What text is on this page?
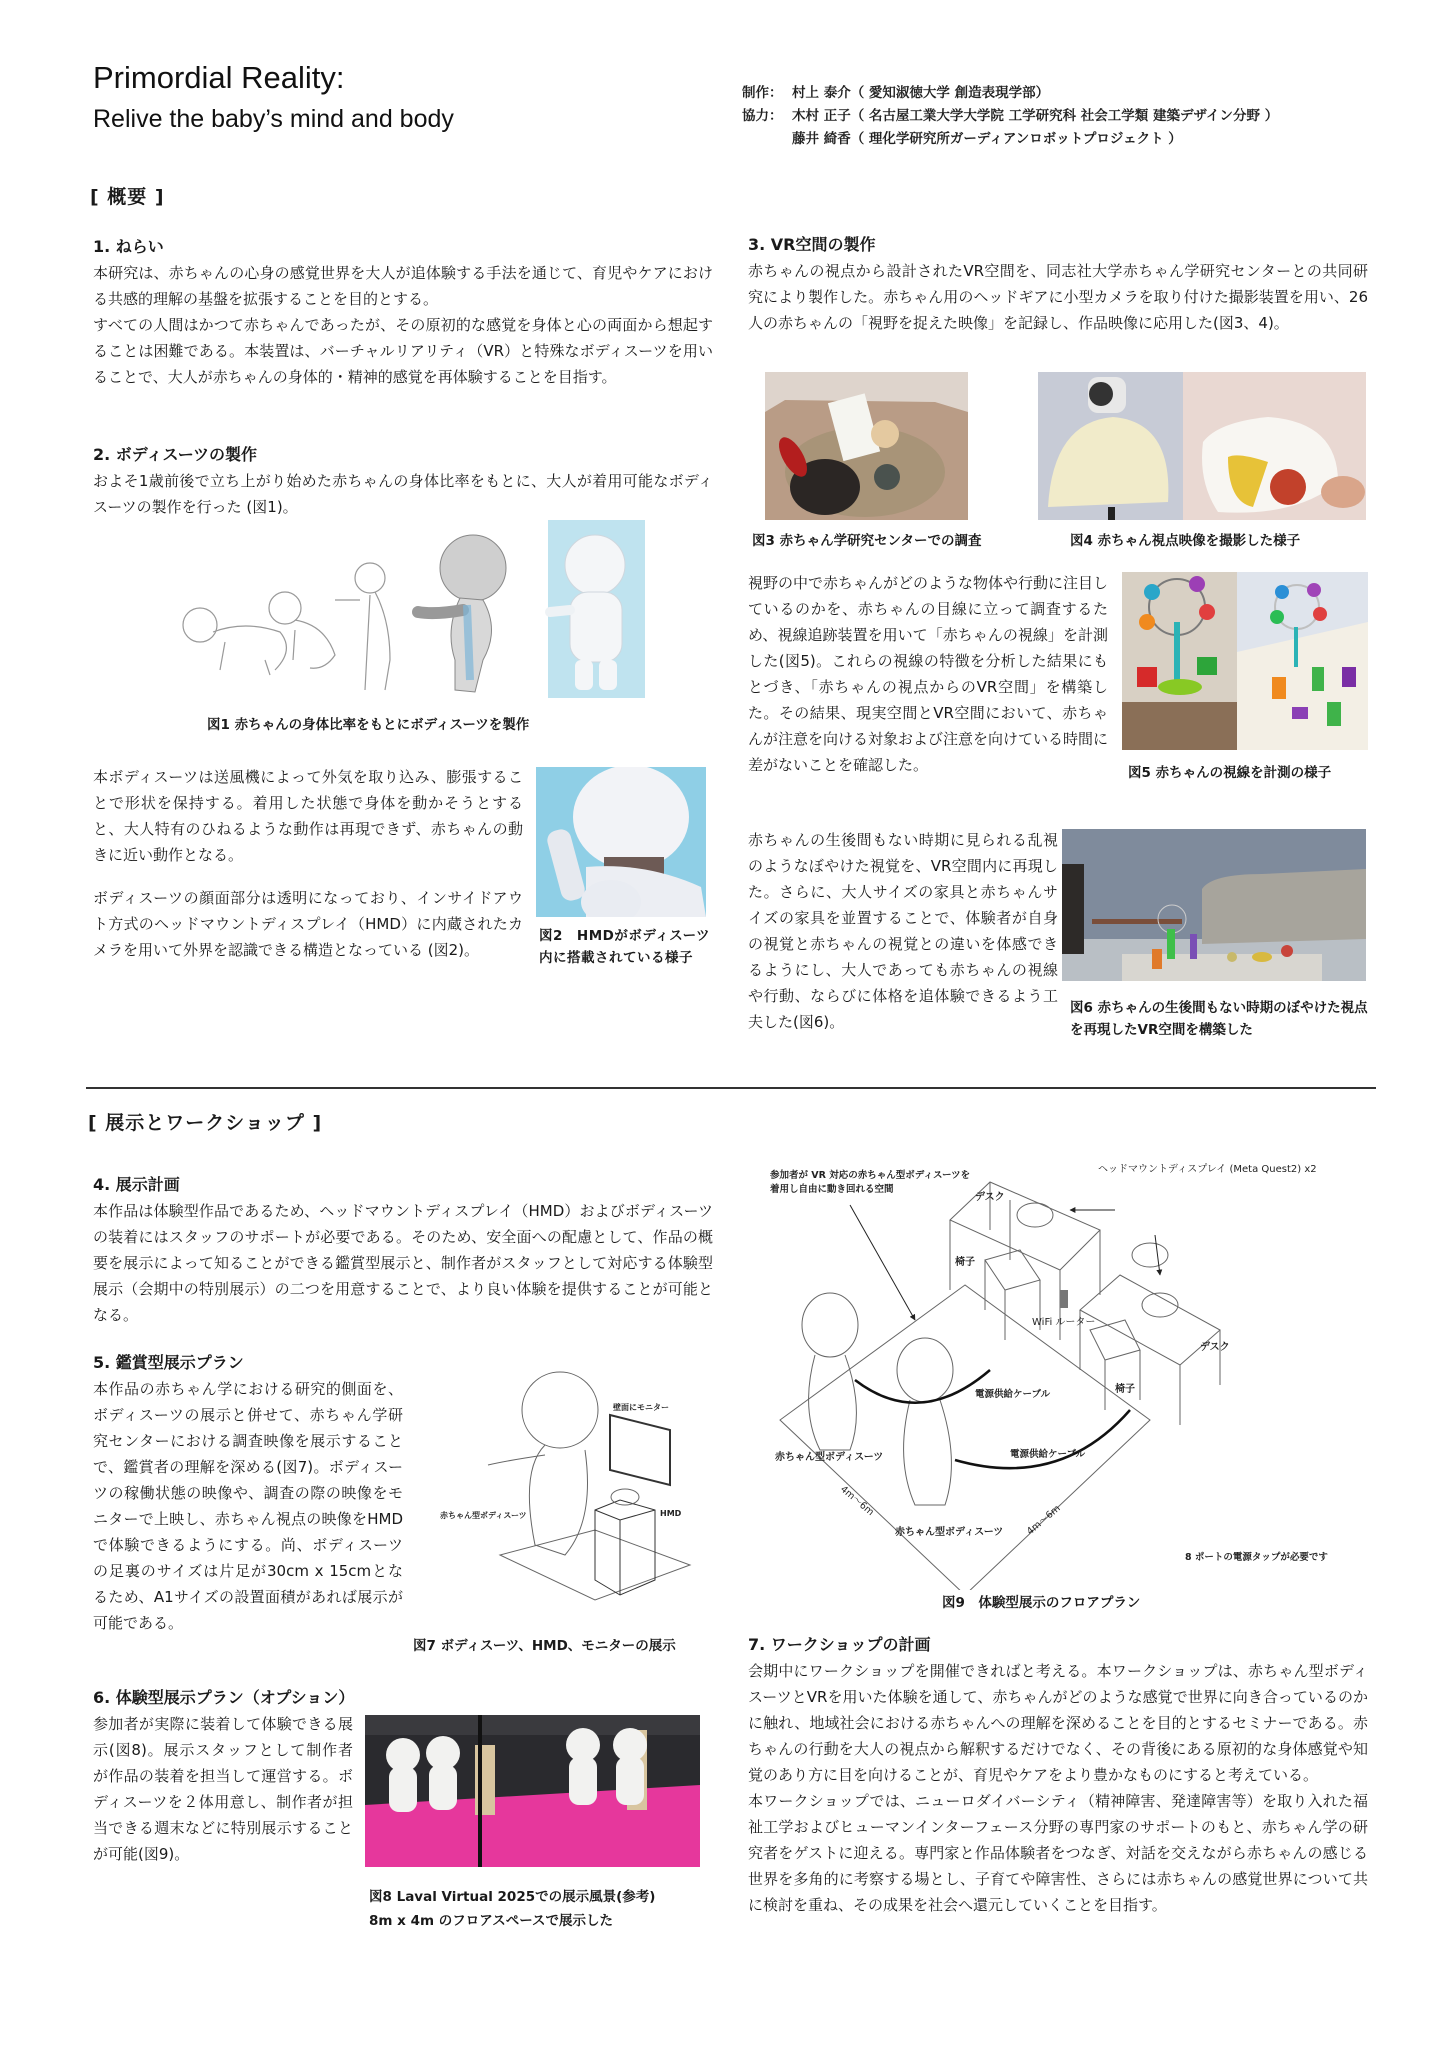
Primordial Reality:
Relive the baby’s mind and body
制作： 村上 泰介（ 愛知淑徳大学 創造表現学部）
協力： 木村 正子（ 名古屋工業大学大学院 工学研究科 社会工学類 建築デザイン分野 ）
藤井 綺香（ 理化学研究所ガーディアンロボットプロジェクト ）
[ 概要 ]
1. ねらい

本研究は、赤ちゃんの心身の感覚世界を大人が追体験する手法を通じて、育児やケアにおける共感的理解の基盤を拡張することを目的とする。

すべての人間はかつて赤ちゃんであったが、その原初的な感覚を身体と心の両面から想起することは困難である。本装置は、バーチャルリアリティ（VR）と特殊なボディスーツを用いることで、大人が赤ちゃんの身体的・精神的感覚を再体験することを目指す。

2. ボディスーツの製作

およそ1歳前後で立ち上がり始めた赤ちゃんの身体比率をもとに、大人が着用可能なボディスーツの製作を行った (図1)。

図1 赤ちゃんの身体比率をもとにボディスーツを製作

本ボディスーツは送風機によって外気を取り込み、膨張することで形状を保持する。着用した状態で身体を動かそうとすると、大人特有のひねるような動作は再現できず、赤ちゃんの動きに近い動作となる。

ボディスーツの顔面部分は透明になっており、インサイドアウト方式のヘッドマウントディスプレイ（HMD）に内蔵されたカメラを用いて外界を認識できる構造となっている (図2)。

図2　HMDがボディスーツ内に搭載されている様子
3. VR空間の製作

赤ちゃんの視点から設計されたVR空間を、同志社大学赤ちゃん学研究センターとの共同研究により製作した。赤ちゃん用のヘッドギアに小型カメラを取り付けた撮影装置を用い、26人の赤ちゃんの「視野を捉えた映像」を記録し、作品映像に応用した(図3、4)。

図3 赤ちゃん学研究センターでの調査	図4 赤ちゃん視点映像を撮影した様子

視野の中で赤ちゃんがどのような物体や行動に注目しているのかを、赤ちゃんの目線に立って調査するため、視線追跡装置を用いて「赤ちゃんの視線」を計測した(図5)。これらの視線の特徴を分析した結果にもとづき、「赤ちゃんの視点からのVR空間」を構築した。その結果、現実空間とVR空間において、赤ちゃんが注意を向ける対象および注意を向けている時間に差がないことを確認した。	図5 赤ちゃんの視線を計測の様子

赤ちゃんの生後間もない時期に見られる乱視のようなぼやけた視覚を、VR空間内に再現した。さらに、大人サイズの家具と赤ちゃんサイズの家具を並置することで、体験者が自身の視覚と赤ちゃんの視覚との違いを体感できるようにし、大人であっても赤ちゃんの視線や行動、ならびに体格を追体験できるよう工夫した(図6)。

図6 赤ちゃんの生後間もない時期のぼやけた視点を再現したVR空間を構築した
[ 展示とワークショップ ]
4. 展示計画

本作品は体験型作品であるため、ヘッドマウントディスプレイ（HMD）およびボディスーツの装着にはスタッフのサポートが必要である。そのため、安全面への配慮として、作品の概要を展示によって知ることができる鑑賞型展示と、制作者がスタッフとして対応する体験型展示（会期中の特別展示）の二つを用意することで、より良い体験を提供することが可能となる。

5. 鑑賞型展示プラン

本作品の赤ちゃん学における研究的側面を、ボディスーツの展示と併せて、赤ちゃん学研究センターにおける調査映像を展示することで、鑑賞者の理解を深める(図7)。ボディスーツの稼働状態の映像や、調査の際の映像をモニターで上映し、赤ちゃん視点の映像をHMDで体験できるようにする。尚、ボディスーツの足裏のサイズは片足が30cm x 15cmとなるため、A1サイズの設置面積があれば展示が可能である。

壁面にモニター
赤ちゃん型ボディスーツ	HMD
図7 ボディスーツ、HMD、モニターの展示
6. 体験型展示プラン（オプション）

参加者が実際に装着して体験できる展示(図8)。展示スタッフとして制作者が作品の装着を担当して運営する。ボディスーツを２体用意し、制作者が担当できる週末などに特別展示することが可能(図9)。

図8 Laval Virtual 2025での展示風景(参考)
8m x 4m のフロアスペースで展示した
参加者が VR 対応の赤ちゃん型ボディスーツを
着用し自由に動き回れる空間
ヘッドマウントディスプレイ (Meta Quest2) x2
デスク
椅子
WiFi ルーター
デスク
椅子
電源供給ケーブル
電源供給ケーブル
赤ちゃん型ボディスーツ
赤ちゃん型ボディスーツ
4m〜6m
4m〜6m
8 ポートの電源タップが必要です
図9　体験型展示のフロアプラン
7. ワークショップの計画

会期中にワークショップを開催できればと考える。本ワークショップは、赤ちゃん型ボディスーツとVRを用いた体験を通して、赤ちゃんがどのような感覚で世界に向き合っているのかに触れ、地域社会における赤ちゃんへの理解を深めることを目的とするセミナーである。赤ちゃんの行動を大人の視点から解釈するだけでなく、その背後にある原初的な身体感覚や知覚のあり方に目を向けることが、育児やケアをより豊かなものにすると考えている。

本ワークショップでは、ニューロダイバーシティ（精神障害、発達障害等）を取り入れた福祉工学およびヒューマンインターフェース分野の専門家のサポートのもと、赤ちゃん学の研究者をゲストに迎える。専門家と作品体験者をつなぎ、対話を交えながら赤ちゃんの感じる世界を多角的に考察する場とし、子育てや障害性、さらには赤ちゃんの感覚世界について共に検討を重ね、その成果を社会へ還元していくことを目指す。
